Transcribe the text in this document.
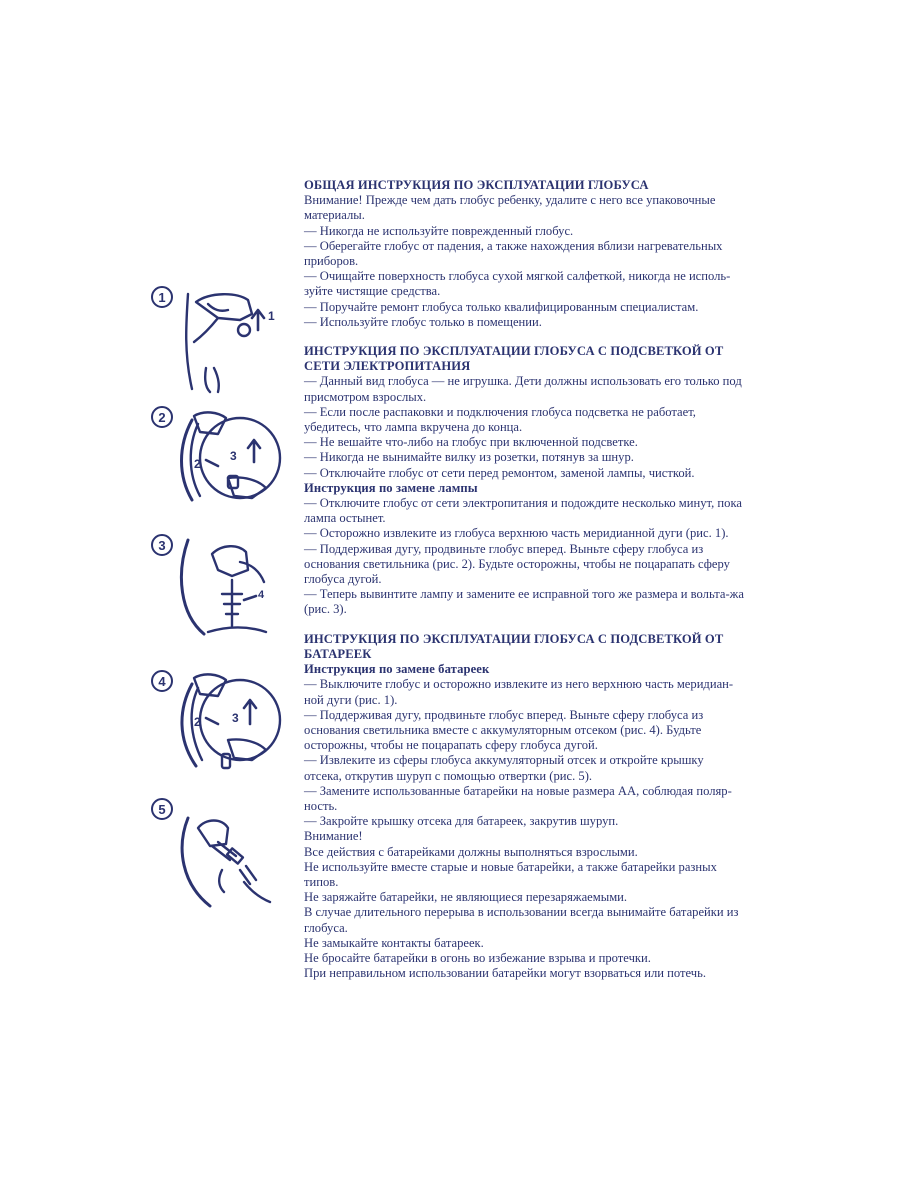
ОБЩАЯ ИНСТРУКЦИЯ ПО ЭКСПЛУАТАЦИИ ГЛОБУСА

Внимание! Прежде чем дать глобус ребенку, удалите с него все упаковочные материалы.

— Никогда не используйте поврежденный глобус.

— Оберегайте глобус от падения, а также нахождения вблизи нагревательных приборов.

— Очищайте поверхность глобуса сухой мягкой салфеткой, никогда не исполь-зуйте чистящие средства.

— Поручайте ремонт глобуса только квалифицированным специалистам.

— Используйте глобус только в помещении.

ИНСТРУКЦИЯ ПО ЭКСПЛУАТАЦИИ ГЛОБУСА С ПОДСВЕТКОЙ ОТ СЕТИ ЭЛЕКТРОПИТАНИЯ

— Данный вид глобуса — не игрушка. Дети должны использовать его только под присмотром взрослых.

— Если после распаковки и подключения глобуса подсветка не работает, убедитесь, что лампа вкручена до конца.

— Не вешайте что-либо на глобус при включенной подсветке.

— Никогда не вынимайте вилку из розетки, потянув за шнур.

— Отключайте глобус от сети перед ремонтом, заменой лампы, чисткой.

Инструкция по замене лампы

— Отключите глобус от сети электропитания и подождите несколько минут, пока лампа остынет.

— Осторожно извлеките из глобуса верхнюю часть меридианной дуги (рис. 1).

— Поддерживая дугу, продвиньте глобус вперед. Выньте сферу глобуса из основания светильника (рис. 2). Будьте осторожны, чтобы не поцарапать сферу глобуса дугой.

— Теперь вывинтите лампу и замените ее исправной того же размера и вольта-жа (рис. 3).

ИНСТРУКЦИЯ ПО ЭКСПЛУАТАЦИИ ГЛОБУСА С ПОДСВЕТКОЙ ОТ БАТАРЕЕК

Инструкция по замене батареек

— Выключите глобус и осторожно извлеките из него верхнюю часть меридиан-ной дуги (рис. 1).

— Поддерживая дугу, продвиньте глобус вперед. Выньте сферу глобуса из основания светильника вместе с аккумуляторным отсеком (рис. 4). Будьте осторожны, чтобы не поцарапать сферу глобуса дугой.

— Извлеките из сферы глобуса аккумуляторный отсек и откройте крышку отсека, открутив шуруп с помощью отвертки (рис. 5).

— Замените использованные батарейки на новые размера АА, соблюдая поляр-ность.

— Закройте крышку отсека для батареек, закрутив шуруп.

Внимание!

Все действия с батарейками должны выполняться взрослыми.

Не используйте вместе старые и новые батарейки, а также батарейки разных типов.

Не заряжайте батарейки, не являющиеся перезаряжаемыми.

В случае длительного перерыва в использовании всегда вынимайте батарейки из глобуса.

Не замыкайте контакты батареек.

Не бросайте батарейки в огонь во избежание взрыва и протечки.

При неправильном использовании батарейки могут взорваться или потечь.

1
1
2
3
2
3
4
4
3
2
5
